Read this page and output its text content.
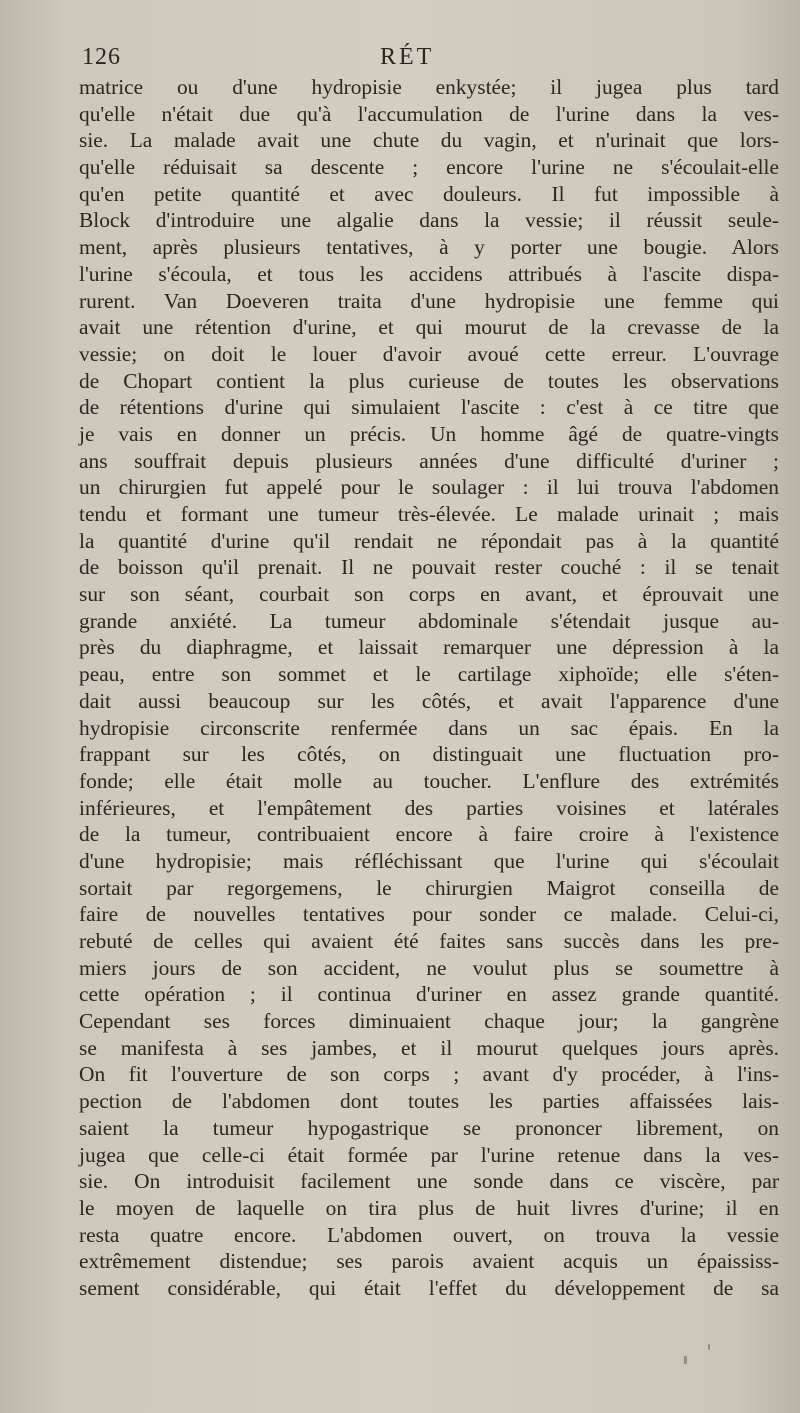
126	RÉT
matrice ou d'une hydropisie enkystée; il jugea plus tard
qu'elle n'était due qu'à l'accumulation de l'urine dans la ves-
sie. La malade avait une chute du vagin, et n'urinait que lors-
qu'elle réduisait sa descente ; encore l'urine ne s'écoulait-elle
qu'en petite quantité et avec douleurs. Il fut impossible à
Block d'introduire une algalie dans la vessie; il réussit seule-
ment, après plusieurs tentatives, à y porter une bougie. Alors
l'urine s'écoula, et tous les accidens attribués à l'ascite dispa-
rurent. Van Doeveren traita d'une hydropisie une femme qui
avait une rétention d'urine, et qui mourut de la crevasse de la
vessie; on doit le louer d'avoir avoué cette erreur. L'ouvrage
de Chopart contient la plus curieuse de toutes les observations
de rétentions d'urine qui simulaient l'ascite : c'est à ce titre que
je vais en donner un précis. Un homme âgé de quatre-vingts
ans souffrait depuis plusieurs années d'une difficulté d'uriner ;
un chirurgien fut appelé pour le soulager : il lui trouva l'abdomen
tendu et formant une tumeur très-élevée. Le malade urinait ; mais
la quantité d'urine qu'il rendait ne répondait pas à la quantité
de boisson qu'il prenait. Il ne pouvait rester couché : il se tenait
sur son séant, courbait son corps en avant, et éprouvait une
grande anxiété. La tumeur abdominale s'étendait jusque au-
près du diaphragme, et laissait remarquer une dépression à la
peau, entre son sommet et le cartilage xiphoïde; elle s'éten-
dait aussi beaucoup sur les côtés, et avait l'apparence d'une
hydropisie circonscrite renfermée dans un sac épais. En la
frappant sur les côtés, on distinguait une fluctuation pro-
fonde; elle était molle au toucher. L'enflure des extrémités
inférieures, et l'empâtement des parties voisines et latérales
de la tumeur, contribuaient encore à faire croire à l'existence
d'une hydropisie; mais réfléchissant que l'urine qui s'écoulait
sortait par regorgemens, le chirurgien Maigrot conseilla de
faire de nouvelles tentatives pour sonder ce malade. Celui-ci,
rebuté de celles qui avaient été faites sans succès dans les pre-
miers jours de son accident, ne voulut plus se soumettre à
cette opération ; il continua d'uriner en assez grande quantité.
Cependant ses forces diminuaient chaque jour; la gangrène
se manifesta à ses jambes, et il mourut quelques jours après.
On fit l'ouverture de son corps ; avant d'y procéder, à l'ins-
pection de l'abdomen dont toutes les parties affaissées lais-
saient la tumeur hypogastrique se prononcer librement, on
jugea que celle-ci était formée par l'urine retenue dans la ves-
sie. On introduisit facilement une sonde dans ce viscère, par
le moyen de laquelle on tira plus de huit livres d'urine; il en
resta quatre encore. L'abdomen ouvert, on trouva la vessie
extrêmement distendue; ses parois avaient acquis un épaississ-
sement considérable, qui était l'effet du développement de sa
